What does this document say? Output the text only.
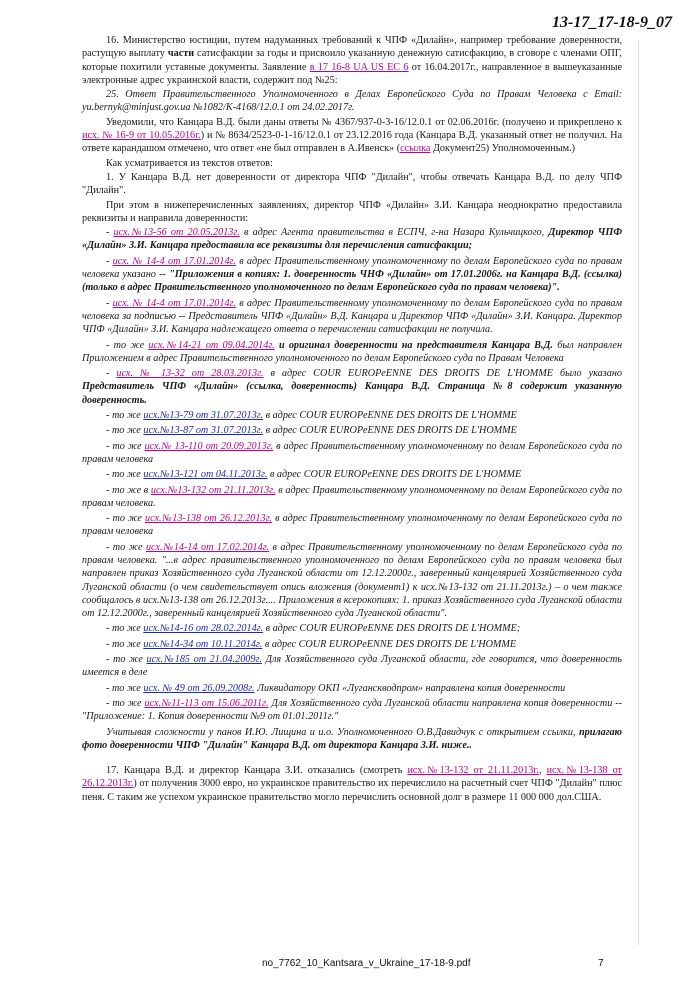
13-17_17-18-9_07

16. Министерство юстиции, путем надуманных требований к ЧПФ «Дилайн», например требование доверенности, растущую выплату части сатисфакции за годы и присвоило указанную денежную сатисфакцию, в сговоре с членами ОПГ, которые похитили уставные документы. Заявление в 17 16-8 UA US EC 6 от 16.04.2017г., направленное в вышеуказанные электронные адрес украинской власти, содержит под №25:

25. Ответ Правительственного Уполномоченного в Делах Европейского Суда по Правам Человека с Email: yu.bernyk@minjust.gov.ua №1082/К-4168/12.0.1 от 24.02.2017г.

Уведомили, что Канцара В.Д. были даны ответы № 4367/937-0-3-16/12.0.1 от 02.06.2016г. (получено и прикреплено к исх. № 16-9 от 10.05.2016г.) и № 8634/2523-0-1-16/12.0.1 от 23.12.2016 года (Канцара В.Д. указанный ответ не получил. На ответе карандашом отмечено, что ответ «не был отправлен в А.Ивенск» (ссылка Документ25) Уполномоченным.)

Как усматривается из текстов ответов:

1. У Канцара В.Д. нет доверенности от директора ЧПФ "Дилайн", чтобы отвечать Канцара В.Д. по делу ЧПФ "Дилайн".

При этом в нижеперечисленных заявлениях, директор ЧПФ «Дилайн» З.И. Канцара неоднократно предоставила реквизиты и направила доверенности:

- исх.№13-56 от 20.05.2013г. в адрес Агента правительства в ЕСПЧ, г-на Назара Кульчицкого, Директор ЧПФ «Дилайн» З.И. Канцара предоставила все реквизиты для перечисления сатисфакции;

- исх. № 14-4 от 17.01.2014г. в адрес Правительственному уполномоченному по делам Европейского суда по правам человека указано -- "Приложения в копиях: 1. доверенность ЧНФ «Дилайн» от 17.01.2006г. на Канцара В.Д. (ссылка) (только в адрес Правительственного уполномоченного по делам Европейского суда по правам человека)".

- исх. № 14-4 от 17.01.2014г. в адрес Правительственному уполномоченному по делам Европейского суда по правам человека за подписью -- Представитель ЧПФ «Дилайн» В.Д. Канцара и Директор ЧПФ «Дилайн» З.И. Канцара. Директор ЧПФ «Дилайн» З.И. Канцара надлежащего ответа о перечислении сатисфакции не получила.

- то же исх.№14-21 от 09.04.2014г. и оригинал доверенности на представителя Канцара В.Д. был направлен Приложением в адрес Правительственного уполномоченного по делам Европейского суда по Правам Человека

- исх. № 13-32 от 28.03.2013г. в адрес COUR EUROPeENNE DES DROITS DE L'HOMME было указано Представитель ЧПФ «Дилайн» (ссылка, доверенность) Канцара В.Д. Страница №8 содержит указанную доверенность.

- то же исх.№13-79 от 31.07.2013г. в адрес COUR EUROPeENNE DES DROITS DE L'HOMME

- то же исх.№13-87 от 31.07.2013г. в адрес COUR EUROPeENNE DES DROITS DE L'HOMME

- то же исх.№ 13-110 от 20.09.2013г. в адрес Правительственному уполномоченному по делам Европейского суда по правам человека

- то же исх.№13-121 от 04.11.2013г. в адрес COUR EUROPeENNE DES DROITS DE L'HOMME

- то же в исх.№13-132 от 21.11.2013г. в адрес Правительственному уполномоченному по делам Европейского суда по правам человека.

- то же исх.№13-138 от 26.12.2013г. в адрес Правительственному уполномоченному по делам Европейского суда по правам человека

- то же исх.№14-14 от 17.02.2014г. в адрес Правительственному уполномоченному по делам Европейского суда по правам человека. "...в адрес правительственного уполномоченного по делам Европейского суда по правам человека был направлен приказ Хозяйственного суда Луганской области от 12.12.2000г., заверенный канцелярией Хозяйственного суда Луганской области (о чем свидетельствует опись вложения (документ1) к исх.№13-132 от 21.11.2013г.) – о чем также сообщалось в исх.№13-138 от 26.12.2013г.... Приложения в ксерокопиях: 1. приказ Хозяйственного суда Луганской области от 12.12.2000г., заверенный канцелярией Хозяйственного суда Луганской области".

- то же исх.№14-16 от 28.02.2014г. в адрес COUR EUROPeENNE DES DROITS DE L'HOMME;

- то же исх.№14-34 от 10.11.2014г. в адрес COUR EUROPeENNE DES DROITS DE L'HOMME

- то же исх.№185 от 21.04.2009г. Для Хозяйственного суда Луганской области, где говорится, что доверенность имеется в деле

- то же исх. № 49 от 26.09.2008г. Ликвидатору ОКП «Луганскводпром» направлена копия доверенности

- то же исх.№11-113 от 15.06.2011г. Для Хозяйственного суда Луганской области направлена копия доверенности -- "Приложение: 1. Копия доверенности №9 от 01.01.2011г."

Учитывая сложности у панов И.Ю. Лищина и и.о. Уполномоченного О.В.Давидчук с открытием ссылки, прилагаю фото доверенности ЧПФ "Дилайн" Канцара В.Д. от директора Канцара З.И. ниже..

17. Канцара В.Д. и директор Канцара З.И. отказались (смотреть исх.№13-132 от 21.11.2013г., исх.№13-138 от 26.12.2013г.) от получения 3000 евро, но украинское правительство их перечислило на расчетный счет ЧПФ "Дилайн" плюс пеня. С таким же успехом украинское правительство могло перечислить основной долг в размере 11 000 000 дол.США.

no_7762_10_Kantsara_v_Ukraine_17-18-9.pdf	7
